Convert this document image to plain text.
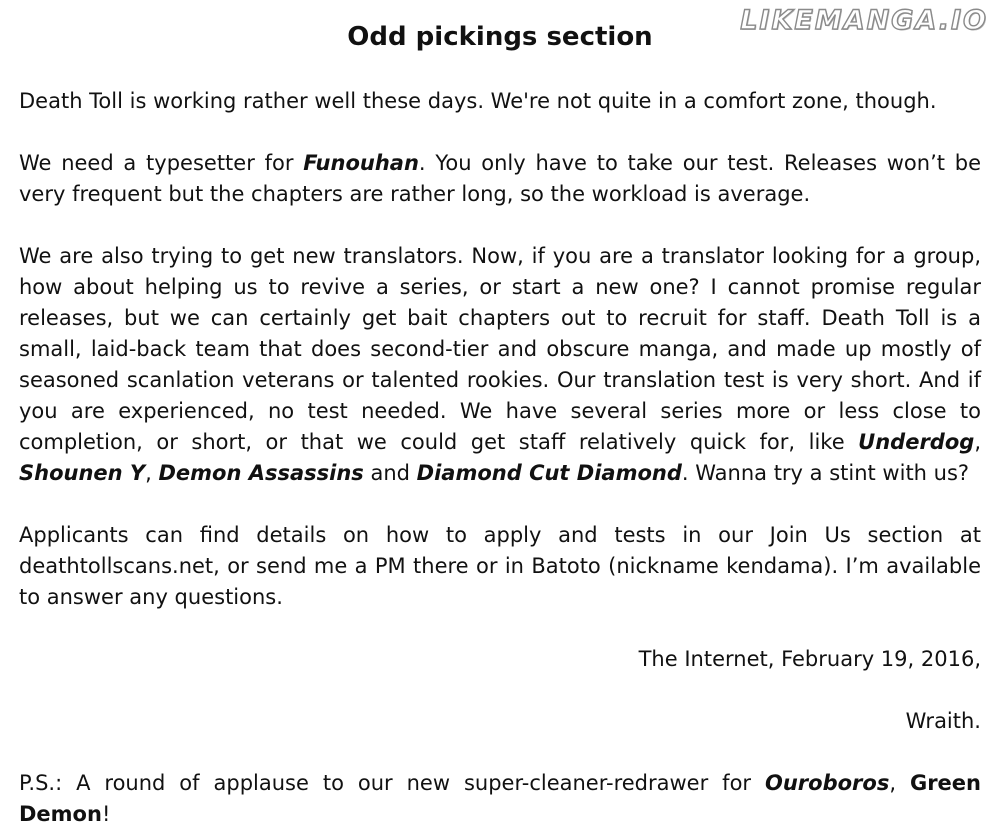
LIKEMANGA.IO
Odd pickings section

Death Toll is working rather well these days. We're not quite in a comfort zone, though.

We need a typesetter for Funouhan. You only have to take our test. Releases won’t be very frequent but the chapters are rather long, so the workload is average.

We are also trying to get new translators. Now, if you are a translator looking for a group, how about helping us to revive a series, or start a new one? I cannot promise regular releases, but we can certainly get bait chapters out to recruit for staff. Death Toll is a small, laid-back team that does second-tier and obscure manga, and made up mostly of seasoned scanlation veterans or talented rookies. Our translation test is very short. And if you are experienced, no test needed. We have several series more or less close to completion, or short, or that we could get staff relatively quick for, like Underdog, Shounen Y, Demon Assassins and Diamond Cut Diamond. Wanna try a stint with us?

Applicants can find details on how to apply and tests in our Join Us section at deathtollscans.net, or send me a PM there or in Batoto (nickname kendama). I’m available to answer any questions.

The Internet, February 19, 2016,

Wraith.

P.S.: A round of applause to our new super-cleaner-redrawer for Ouroboros, Green Demon!
